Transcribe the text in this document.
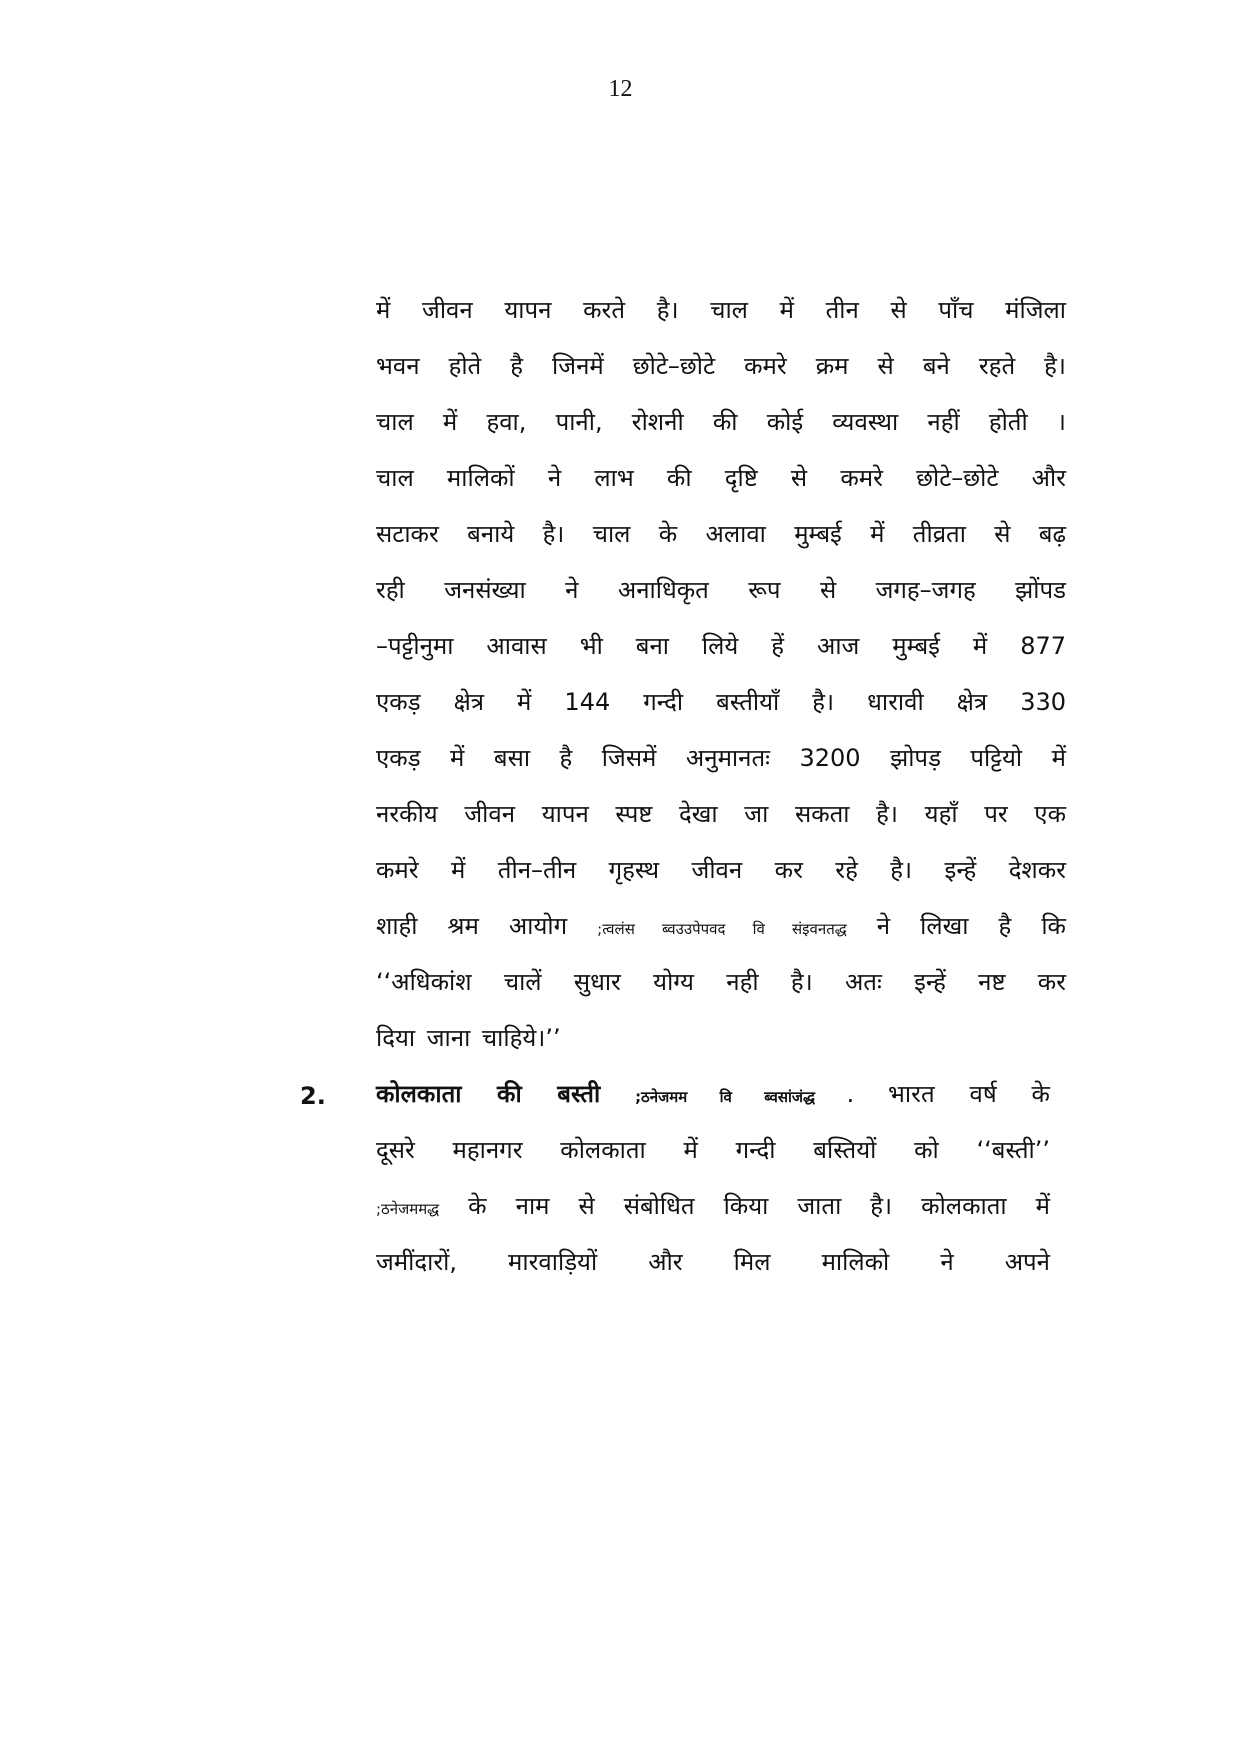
12
में जीवन यापन करते है। चाल में तीन से पाँच मंजिला
भवन होते है जिनमें छोटे–छोटे कमरे क्रम से बने रहते है।
चाल में हवा, पानी, रोशनी की कोई व्यवस्था नहीं होती ।
चाल मालिकों ने लाभ की दृष्टि से कमरे छोटे–छोटे और
सटाकर बनाये है। चाल के अलावा मुम्बई में तीव्रता से बढ़
रही जनसंख्या ने अनाधिकृत रूप से जगह–जगह झोंपड
–पट्टीनुमा आवास भी बना लिये हें आज मुम्बई में 877
एकड़ क्षेत्र में 144 गन्दी बस्तीयाँ है। धारावी क्षेत्र 330
एकड़ में बसा है जिसमें अनुमानतः 3200 झोपड़ पट्टियो में
नरकीय जीवन यापन स्पष्ट देखा जा सकता है। यहाँ पर एक
कमरे में तीन–तीन गृहस्थ जीवन कर रहे है। इन्हें देशकर
शाही श्रम आयोग ;त्वलंस ब्वउउपेपवद वि संइवनतद्ध ने लिखा है कि
‘‘अधिकांश चालें सुधार योग्य नही है। अतः इन्हें नष्ट कर
दिया जाना चाहिये।’’
2. कोलकाता की बस्ती ;ठनेजमम वि ब्वसांजंद्ध . भारत वर्ष के
दूसरे महानगर कोलकाता में गन्दी बस्तियों को ‘‘बस्ती’’
;ठनेजममद्ध के नाम से संबोधित किया जाता है। कोलकाता में
जमींदारों, मारवाड़ियों और मिल मालिको ने अपने
